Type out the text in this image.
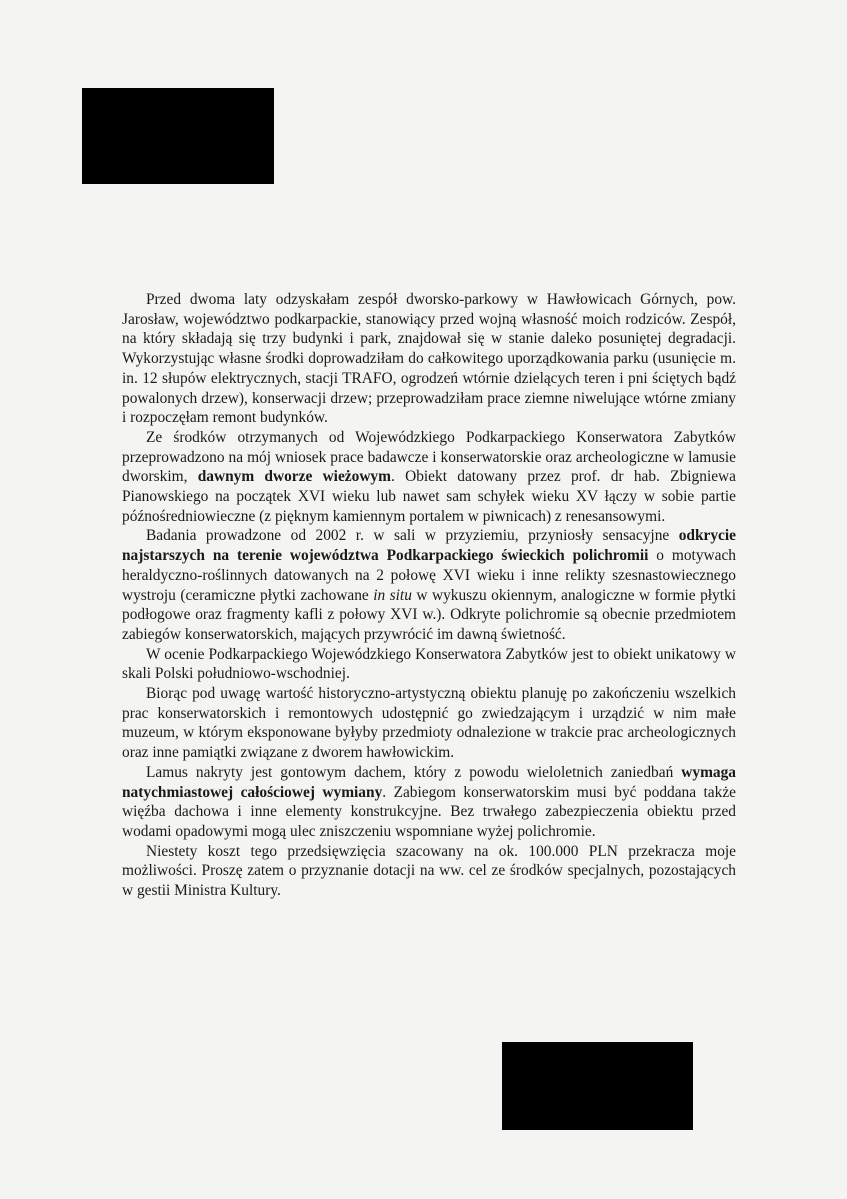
Przed dwoma laty odzyskałam zespół dworsko-parkowy w Hawłowicach Górnych, pow. Jarosław, województwo podkarpackie, stanowiący przed wojną własność moich rodziców. Zespół, na który składają się trzy budynki i park, znajdował się w stanie daleko posuniętej degradacji. Wykorzystując własne środki doprowadziłam do całkowitego uporządkowania parku (usunięcie m. in. 12 słupów elektrycznych, stacji TRAFO, ogrodzeń wtórnie dzielących teren i pni ściętych bądź powalonych drzew), konserwacji drzew; przeprowadziłam prace ziemne niwelujące wtórne zmiany i rozpoczęłam remont budynków.

Ze środków otrzymanych od Wojewódzkiego Podkarpackiego Konserwatora Zabytków przeprowadzono na mój wniosek prace badawcze i konserwatorskie oraz archeologiczne w lamusie dworskim, dawnym dworze wieżowym. Obiekt datowany przez prof. dr hab. Zbigniewa Pianowskiego na początek XVI wieku lub nawet sam schyłek wieku XV łączy w sobie partie późnośredniowieczne (z pięknym kamiennym portalem w piwnicach) z renesansowymi.

Badania prowadzone od 2002 r. w sali w przyziemiu, przyniosły sensacyjne odkrycie najstarszych na terenie województwa Podkarpackiego świeckich polichromii o motywach heraldyczno-roślinnych datowanych na 2 połowę XVI wieku i inne relikty szesnastowiecznego wystroju (ceramiczne płytki zachowane in situ w wykuszu okiennym, analogiczne w formie płytki podłogowe oraz fragmenty kafli z połowy XVI w.). Odkryte polichromie są obecnie przedmiotem zabiegów konserwatorskich, mających przywrócić im dawną świetność.

W ocenie Podkarpackiego Wojewódzkiego Konserwatora Zabytków jest to obiekt unikatowy w skali Polski południowo-wschodniej.

Biorąc pod uwagę wartość historyczno-artystyczną obiektu planuję po zakończeniu wszelkich prac konserwatorskich i remontowych udostępnić go zwiedzającym i urządzić w nim małe muzeum, w którym eksponowane byłyby przedmioty odnalezione w trakcie prac archeologicznych oraz inne pamiątki związane z dworem hawłowickim.

Lamus nakryty jest gontowym dachem, który z powodu wieloletnich zaniedbań wymaga natychmiastowej całościowej wymiany. Zabiegom konserwatorskim musi być poddana także więźba dachowa i inne elementy konstrukcyjne. Bez trwałego zabezpieczenia obiektu przed wodami opadowymi mogą ulec zniszczeniu wspomniane wyżej polichromie.

Niestety koszt tego przedsięwzięcia szacowany na ok. 100.000 PLN przekracza moje możliwości. Proszę zatem o przyznanie dotacji na ww. cel ze środków specjalnych, pozostających w gestii Ministra Kultury.
